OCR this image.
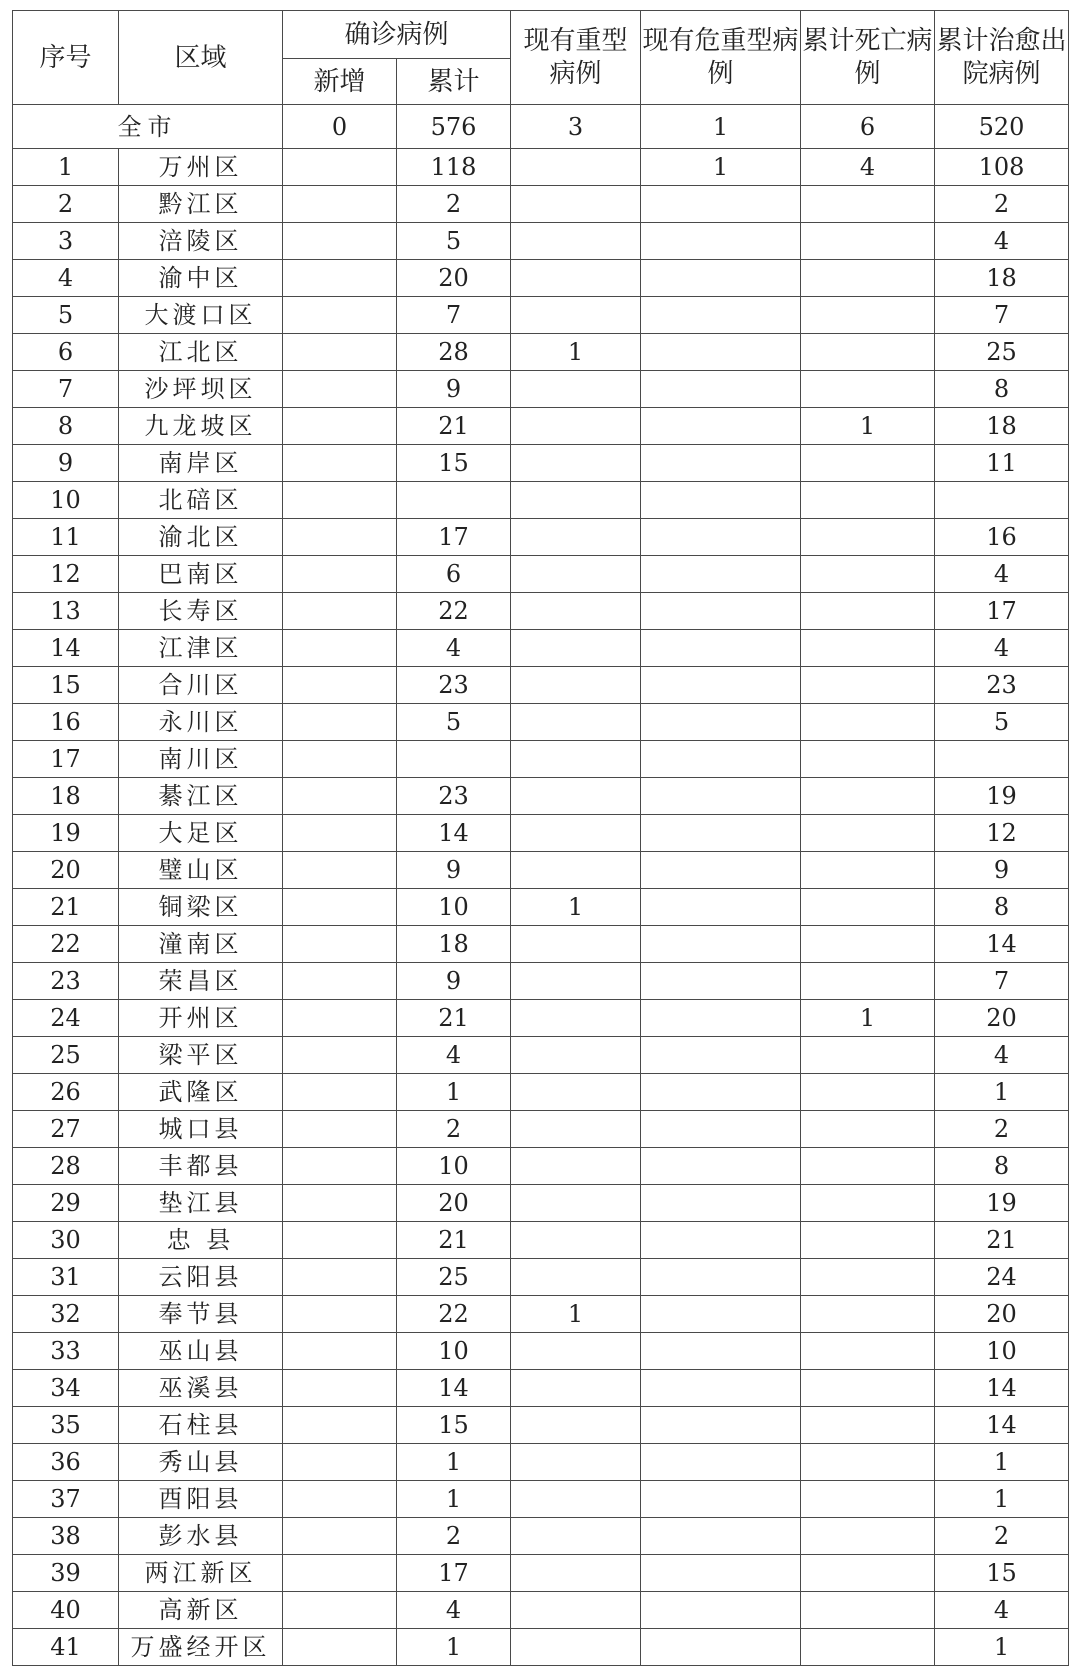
序号	区域	确诊病例		现有重型病例	现有危重型病例	累计死亡病例	累计治愈出院病例
		新增	累计				
全市		0	576	3	1	6	520
1	万州区		118		1	4	108
2	黔江区		2				2
3	涪陵区		5				4
4	渝中区		20				18
5	大渡口区		7				7
6	江北区		28	1			25
7	沙坪坝区		9				8
8	九龙坡区		21			1	18
9	南岸区		15				11
10	北碚区						
11	渝北区		17				16
12	巴南区		6				4
13	长寿区		22				17
14	江津区		4				4
15	合川区		23				23
16	永川区		5				5
17	南川区						
18	綦江区		23				19
19	大足区		14				12
20	璧山区		9				9
21	铜梁区		10	1			8
22	潼南区		18				14
23	荣昌区		9				7
24	开州区		21			1	20
25	梁平区		4				4
26	武隆区		1				1
27	城口县		2				2
28	丰都县		10				8
29	垫江县		20				19
30	忠 县		21				21
31	云阳县		25				24
32	奉节县		22	1			20
33	巫山县		10				10
34	巫溪县		14				14
35	石柱县		15				14
36	秀山县		1				1
37	酉阳县		1				1
38	彭水县		2				2
39	两江新区		17				15
40	高新区		4				4
41	万盛经开区		1				1
